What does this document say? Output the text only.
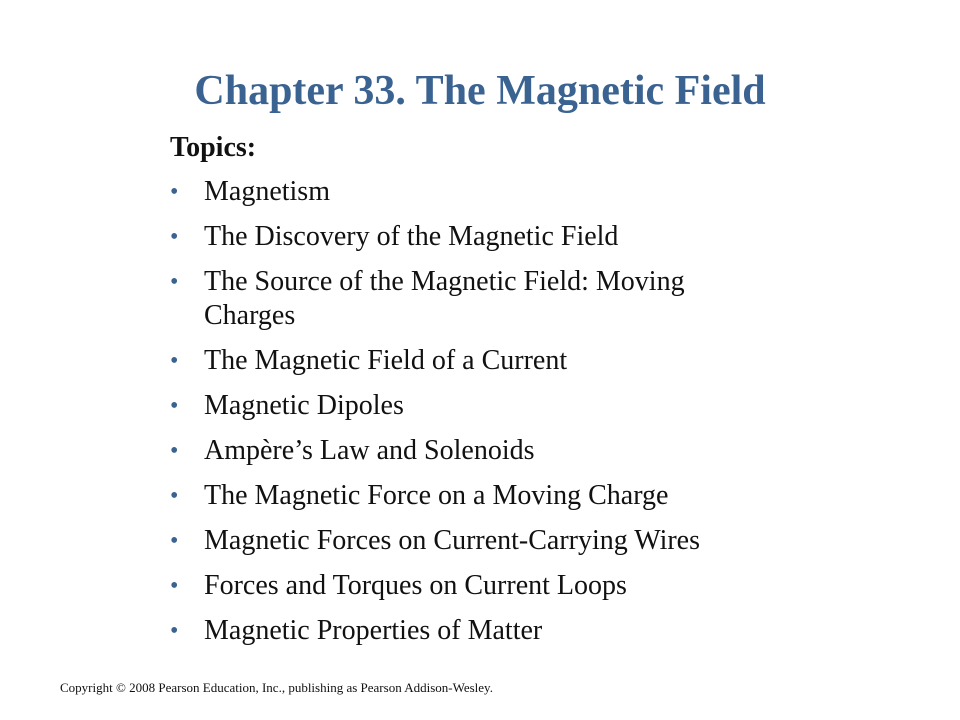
Chapter 33. The Magnetic Field
Topics:
• Magnetism
• The Discovery of the Magnetic Field
• The Source of the Magnetic Field: Moving Charges
• The Magnetic Field of a Current
• Magnetic Dipoles
• Ampère’s Law and Solenoids
• The Magnetic Force on a Moving Charge
• Magnetic Forces on Current-Carrying Wires
• Forces and Torques on Current Loops
• Magnetic Properties of Matter
Copyright © 2008 Pearson Education, Inc., publishing as Pearson Addison-Wesley.
